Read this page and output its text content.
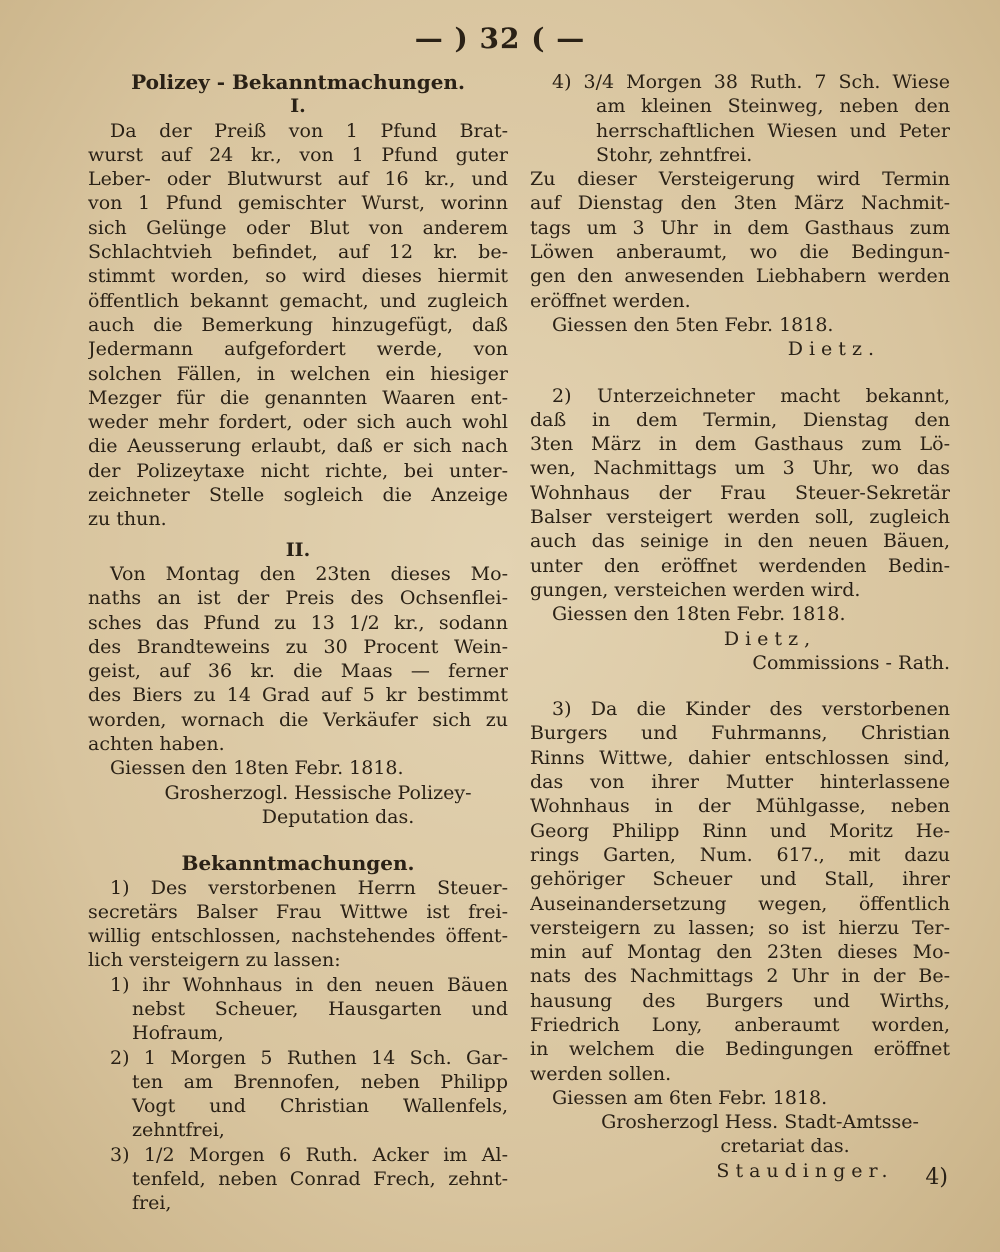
— ) 32 ( —
Polizey - Bekanntmachungen.
I.
Da der Preiß von 1 Pfund Brat-
wurst auf 24 kr., von 1 Pfund guter
Leber- oder Blutwurst auf 16 kr., und
von 1 Pfund gemischter Wurst, worinn
sich Gelünge oder Blut von anderem
Schlachtvieh befindet, auf 12 kr. be-
stimmt worden, so wird dieses hiermit
öffentlich bekannt gemacht, und zugleich
auch die Bemerkung hinzugefügt, daß
Jedermann aufgefordert werde, von
solchen Fällen, in welchen ein hiesiger
Mezger für die genannten Waaren ent-
weder mehr fordert, oder sich auch wohl
die Aeusserung erlaubt, daß er sich nach
der Polizeytaxe nicht richte, bei unter-
zeichneter Stelle sogleich die Anzeige
zu thun.
II.
Von Montag den 23ten dieses Mo-
naths an ist der Preis des Ochsenflei-
sches das Pfund zu 13 1/2 kr., sodann
des Brandteweins zu 30 Procent Wein-
geist, auf 36 kr. die Maas — ferner
des Biers zu 14 Grad auf 5 kr bestimmt
worden, wornach die Verkäufer sich zu
achten haben.
Giessen den 18ten Febr. 1818.
Grosherzogl. Hessische Polizey-
Deputation das.
Bekanntmachungen.
1) Des verstorbenen Herrn Steuer-
secretärs Balser Frau Wittwe ist frei-
willig entschlossen, nachstehendes öffent-
lich versteigern zu lassen:
1) ihr Wohnhaus in den neuen Bäuen
nebst Scheuer, Hausgarten und
Hofraum,
2) 1 Morgen 5 Ruthen 14 Sch. Gar-
ten am Brennofen, neben Philipp
Vogt und Christian Wallenfels,
zehntfrei,
3) 1/2 Morgen 6 Ruth. Acker im Al-
tenfeld, neben Conrad Frech, zehnt-
frei,
4) 3/4 Morgen 38 Ruth. 7 Sch. Wiese
am kleinen Steinweg, neben den
herrschaftlichen Wiesen und Peter
Stohr, zehntfrei.
Zu dieser Versteigerung wird Termin
auf Dienstag den 3ten März Nachmit-
tags um 3 Uhr in dem Gasthaus zum
Löwen anberaumt, wo die Bedingun-
gen den anwesenden Liebhabern werden
eröffnet werden.
Giessen den 5ten Febr. 1818.
Dietz.
2) Unterzeichneter macht bekannt,
daß in dem Termin, Dienstag den
3ten März in dem Gasthaus zum Lö-
wen, Nachmittags um 3 Uhr, wo das
Wohnhaus der Frau Steuer-Sekretär
Balser versteigert werden soll, zugleich
auch das seinige in den neuen Bäuen,
unter den eröffnet werdenden Bedin-
gungen, versteichen werden wird.
Giessen den 18ten Febr. 1818.
Dietz,
Commissions - Rath.
3) Da die Kinder des verstorbenen
Burgers und Fuhrmanns, Christian
Rinns Wittwe, dahier entschlossen sind,
das von ihrer Mutter hinterlassene
Wohnhaus in der Mühlgasse, neben
Georg Philipp Rinn und Moritz He-
rings Garten, Num. 617., mit dazu
gehöriger Scheuer und Stall, ihrer
Auseinandersetzung wegen, öffentlich
versteigern zu lassen; so ist hierzu Ter-
min auf Montag den 23ten dieses Mo-
nats des Nachmittags 2 Uhr in der Be-
hausung des Burgers und Wirths,
Friedrich Lony, anberaumt worden,
in welchem die Bedingungen eröffnet
werden sollen.
Giessen am 6ten Febr. 1818.
Grosherzogl Hess. Stadt-Amtsse-
cretariat das.
Staudinger.	4)
